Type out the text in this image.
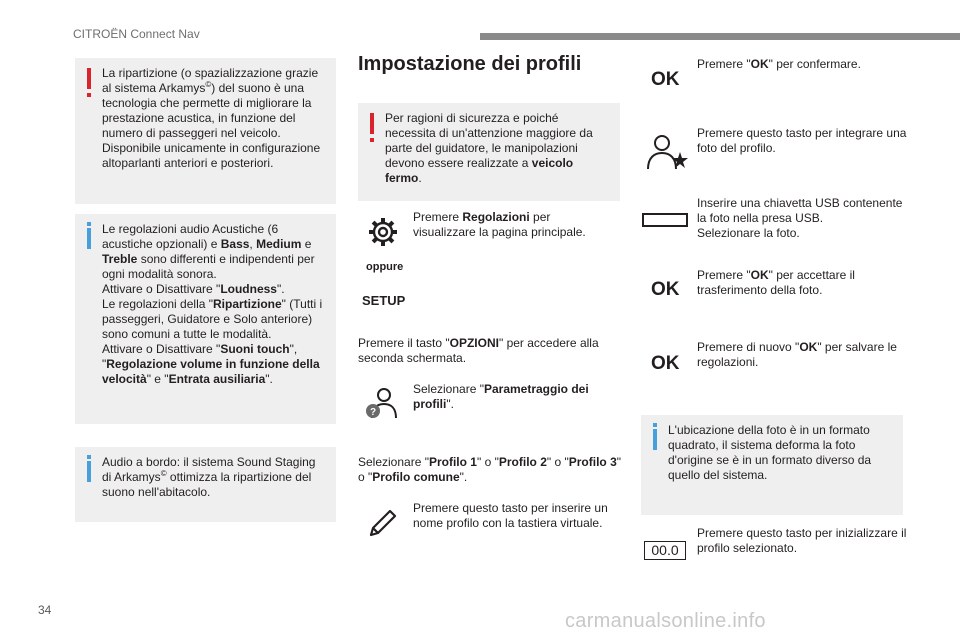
CITROËN Connect Nav
La ripartizione (o spazializzazione grazie al sistema Arkamys©) del suono è una tecnologia che permette di migliorare la prestazione acustica, in funzione del numero di passeggeri nel veicolo.
Disponibile unicamente in configurazione altoparlanti anteriori e posteriori.
Le regolazioni audio Acustiche (6 acustiche opzionali) e Bass, Medium e Treble sono differenti e indipendenti per ogni modalità sonora.
Attivare o Disattivare "Loudness".
Le regolazioni della "Ripartizione" (Tutti i passeggeri, Guidatore e Solo anteriore) sono comuni a tutte le modalità.
Attivare o Disattivare "Suoni touch", "Regolazione volume in funzione della velocità" e "Entrata ausiliaria".
Audio a bordo: il sistema Sound Staging di Arkamys© ottimizza la ripartizione del suono nell'abitacolo.
Impostazione dei profili
Per ragioni di sicurezza e poiché necessita di un'attenzione maggiore da parte del guidatore, le manipolazioni devono essere realizzate a veicolo fermo.
Premere Regolazioni per visualizzare la pagina principale.
oppure
SETUP
Premere il tasto "OPZIONI" per accedere alla seconda schermata.
?
Selezionare "Parametraggio dei profili".
Selezionare "Profilo 1" o "Profilo 2" o "Profilo 3" o "Profilo comune".
Premere questo tasto per inserire un nome profilo con la tastiera virtuale.
OK
Premere "OK" per confermare.
Premere questo tasto per integrare una foto del profilo.
Inserire una chiavetta USB contenente la foto nella presa USB.
Selezionare la foto.
OK
Premere "OK" per accettare il trasferimento della foto.
OK
Premere di nuovo "OK" per salvare le regolazioni.
L'ubicazione della foto è in un formato quadrato, il sistema deforma la foto d'origine se è in un formato diverso da quello del sistema.
00.0
Premere questo tasto per inizializzare il profilo selezionato.
34	carmanualsonline.info
